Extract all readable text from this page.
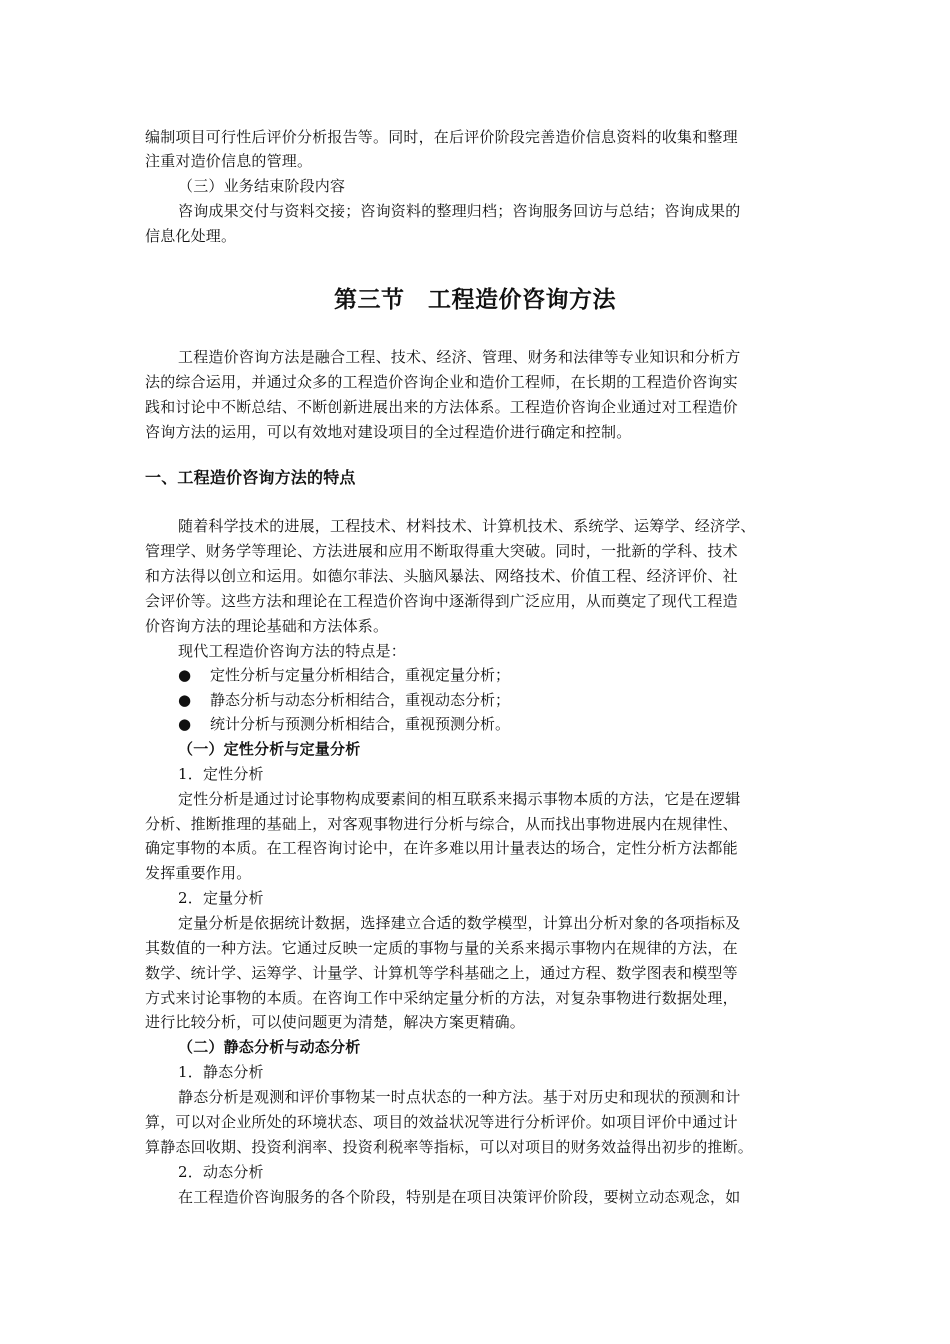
编制项目可行性后评价分析报告等。同时，在后评价阶段完善造价信息资料的收集和整理
注重对造价信息的管理。
（三）业务结束阶段内容
咨询成果交付与资料交接；咨询资料的整理归档；咨询服务回访与总结；咨询成果的
信息化处理。
第三节　工程造价咨询方法
工程造价咨询方法是融合工程、技术、经济、管理、财务和法律等专业知识和分析方
法的综合运用，并通过众多的工程造价咨询企业和造价工程师，在长期的工程造价咨询实
践和讨论中不断总结、不断创新进展出来的方法体系。工程造价咨询企业通过对工程造价
咨询方法的运用，可以有效地对建设项目的全过程造价进行确定和控制。
一、工程造价咨询方法的特点
随着科学技术的进展，工程技术、材料技术、计算机技术、系统学、运筹学、经济学、
管理学、财务学等理论、方法进展和应用不断取得重大突破。同时，一批新的学科、技术
和方法得以创立和运用。如德尔菲法、头脑风暴法、网络技术、价值工程、经济评价、社
会评价等。这些方法和理论在工程造价咨询中逐渐得到广泛应用，从而奠定了现代工程造
价咨询方法的理论基础和方法体系。
现代工程造价咨询方法的特点是：
● 定性分析与定量分析相结合，重视定量分析；
● 静态分析与动态分析相结合，重视动态分析；
● 统计分析与预测分析相结合，重视预测分析。
（一）定性分析与定量分析
1．定性分析
定性分析是通过讨论事物构成要素间的相互联系来揭示事物本质的方法，它是在逻辑
分析、推断推理的基础上，对客观事物进行分析与综合，从而找出事物进展内在规律性、
确定事物的本质。在工程咨询讨论中，在许多难以用计量表达的场合，定性分析方法都能
发挥重要作用。
2．定量分析
定量分析是依据统计数据，选择建立合适的数学模型，计算出分析对象的各项指标及
其数值的一种方法。它通过反映一定质的事物与量的关系来揭示事物内在规律的方法，在
数学、统计学、运筹学、计量学、计算机等学科基础之上，通过方程、数学图表和模型等
方式来讨论事物的本质。在咨询工作中采纳定量分析的方法，对复杂事物进行数据处理，
进行比较分析，可以使问题更为清楚，解决方案更精确。
（二）静态分析与动态分析
1．静态分析
静态分析是观测和评价事物某一时点状态的一种方法。基于对历史和现状的预测和计
算，可以对企业所处的环境状态、项目的效益状况等进行分析评价。如项目评价中通过计
算静态回收期、投资利润率、投资利税率等指标，可以对项目的财务效益得出初步的推断。
2．动态分析
在工程造价咨询服务的各个阶段，特别是在项目决策评价阶段，要树立动态观念，如
